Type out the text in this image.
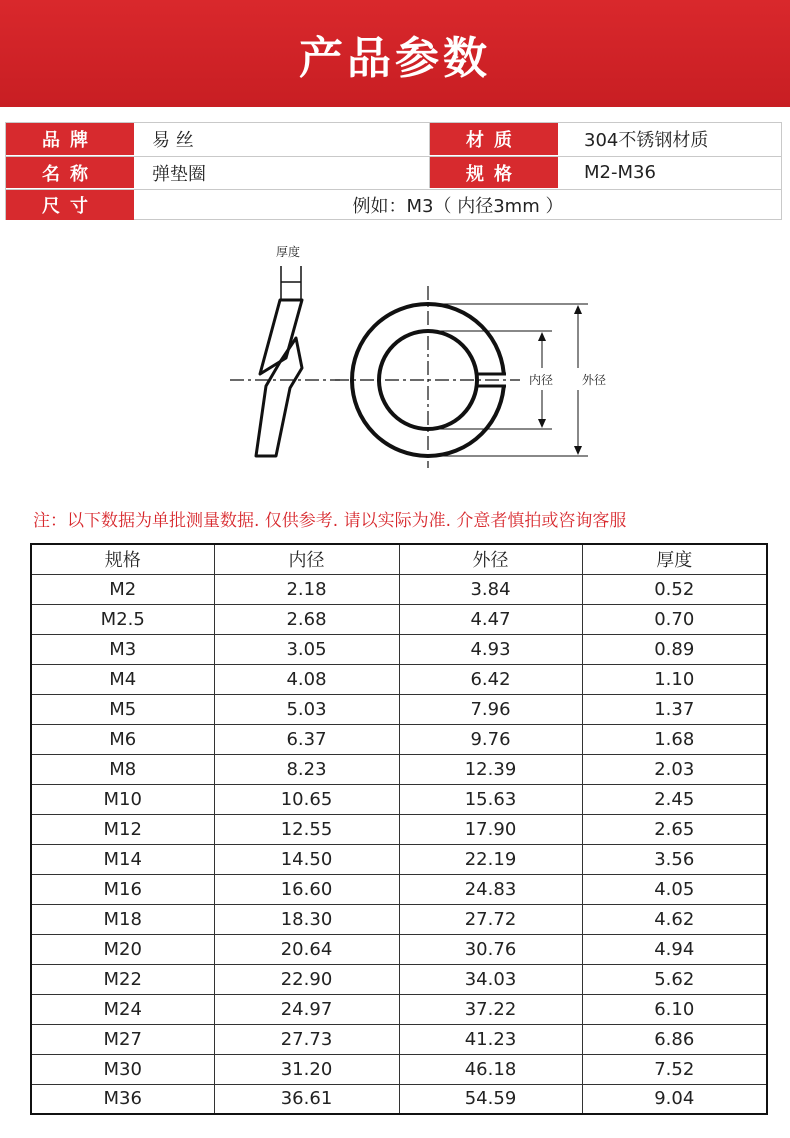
产品参数
品牌	易 丝	材质	304不锈钢材质
名称	弹垫圈	规格	M2-M36
尺寸	例如：M3（ 内径3mm ）
厚度
内径 外径
注：以下数据为单批测量数据. 仅供参考. 请以实际为准. 介意者慎拍或咨询客服
规格	内径	外径	厚度
M2	2.18	3.84	0.52
M2.5	2.68	4.47	0.70
M3	3.05	4.93	0.89
M4	4.08	6.42	1.10
M5	5.03	7.96	1.37
M6	6.37	9.76	1.68
M8	8.23	12.39	2.03
M10	10.65	15.63	2.45
M12	12.55	17.90	2.65
M14	14.50	22.19	3.56
M16	16.60	24.83	4.05
M18	18.30	27.72	4.62
M20	20.64	30.76	4.94
M22	22.90	34.03	5.62
M24	24.97	37.22	6.10
M27	27.73	41.23	6.86
M30	31.20	46.18	7.52
M36	36.61	54.59	9.04
